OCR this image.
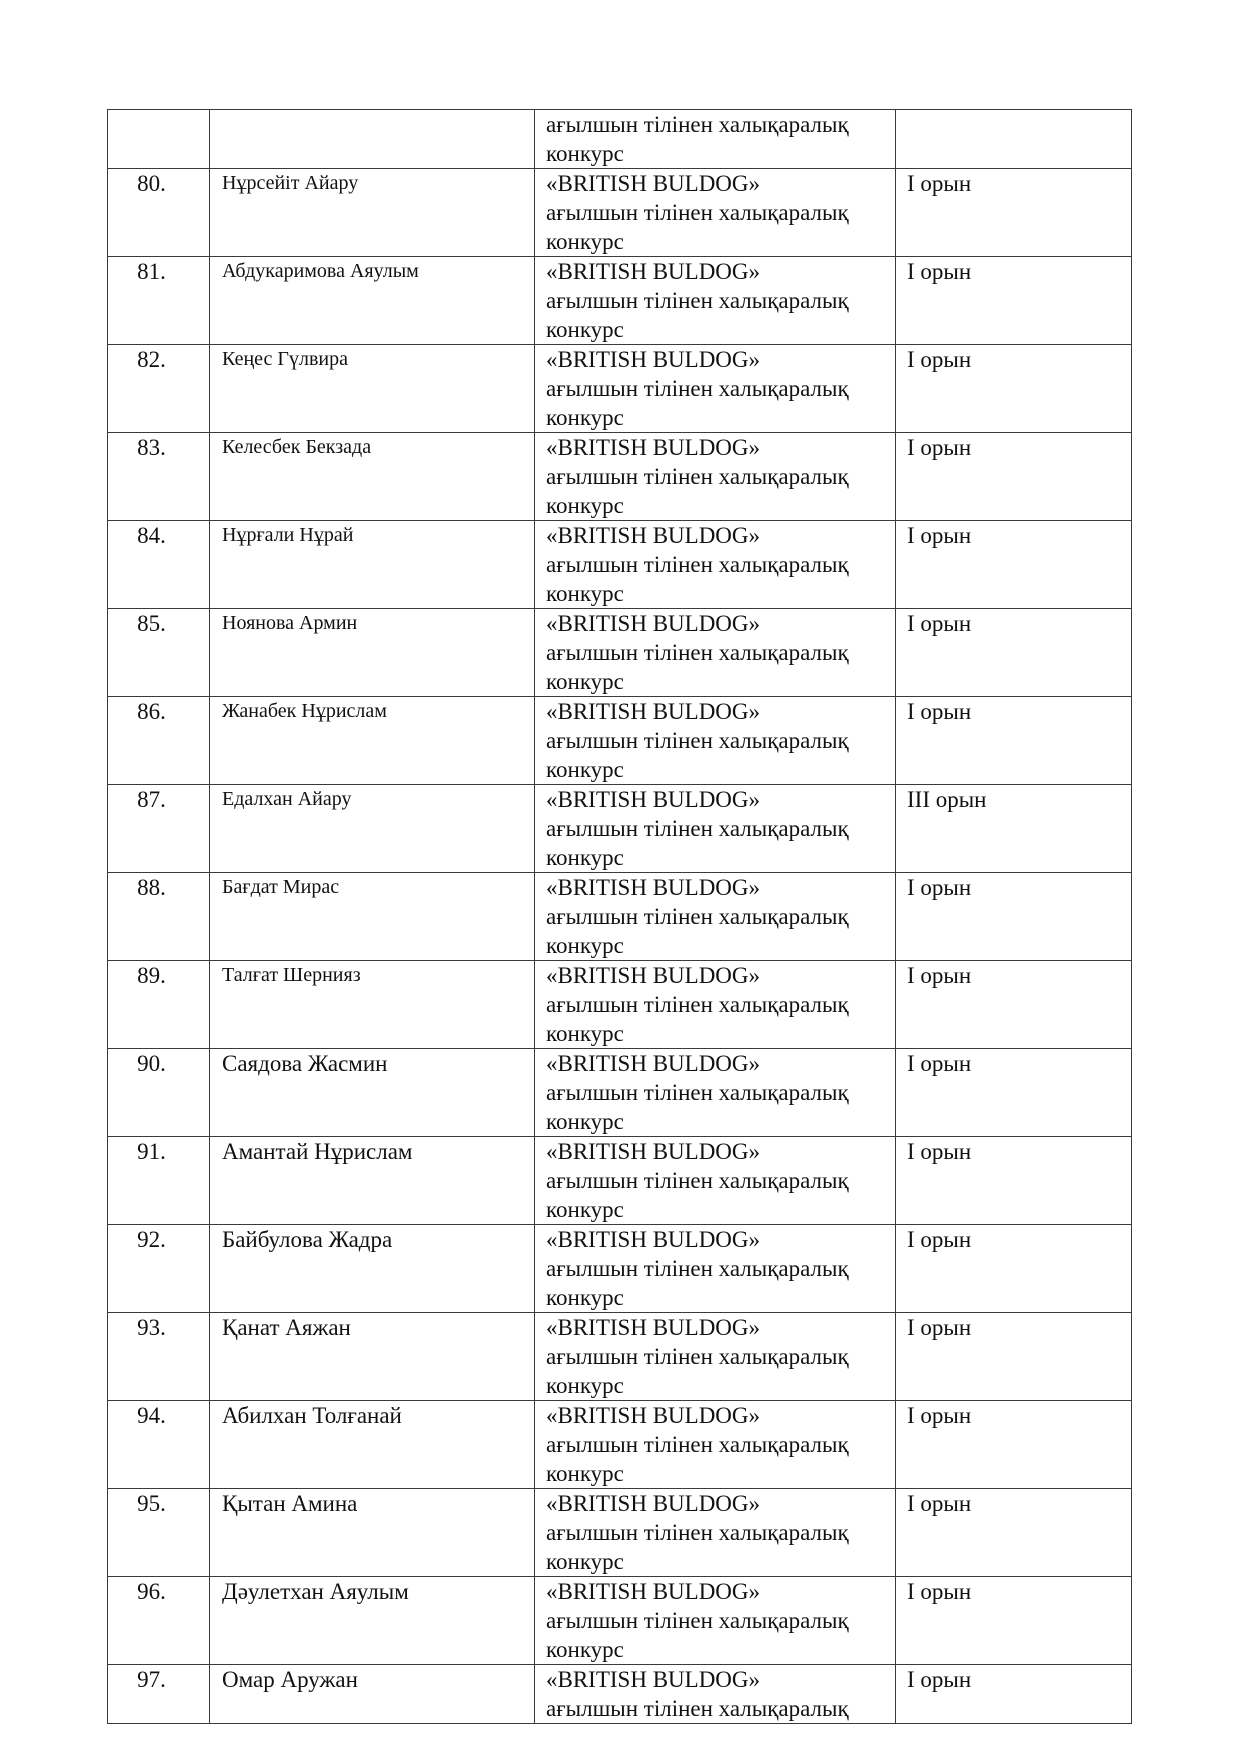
		ағылшын тілінен халықаралық
конкурс	

80.	Нұрсейіт Айару	«BRITISH BULDOG»
ағылшын тілінен халықаралық
конкурс	I орын

81.	Абдукаримова Аяулым	«BRITISH BULDOG»
ағылшын тілінен халықаралық
конкурс	I орын

82.	Кеңес Гүлвира	«BRITISH BULDOG»
ағылшын тілінен халықаралық
конкурс	I орын

83.	Келесбек Бекзада	«BRITISH BULDOG»
ағылшын тілінен халықаралық
конкурс	I орын

84.	Нұрғали Нұрай	«BRITISH BULDOG»
ағылшын тілінен халықаралық
конкурс	I орын

85.	Ноянова Армин	«BRITISH BULDOG»
ағылшын тілінен халықаралық
конкурс	I орын

86.	Жанабек Нұрислам	«BRITISH BULDOG»
ағылшын тілінен халықаралық
конкурс	I орын

87.	Едалхан Айару	«BRITISH BULDOG»
ағылшын тілінен халықаралық
конкурс	III орын

88.	Бағдат Мирас	«BRITISH BULDOG»
ағылшын тілінен халықаралық
конкурс	I орын

89.	Талғат Шернияз	«BRITISH BULDOG»
ағылшын тілінен халықаралық
конкурс	I орын

90.	Саядова Жасмин	«BRITISH BULDOG»
ағылшын тілінен халықаралық
конкурс	I орын

91.	Амантай Нұрислам	«BRITISH BULDOG»
ағылшын тілінен халықаралық
конкурс	I орын

92.	Байбулова Жадра	«BRITISH BULDOG»
ағылшын тілінен халықаралық
конкурс	I орын

93.	Қанат Аяжан	«BRITISH BULDOG»
ағылшын тілінен халықаралық
конкурс	I орын

94.	Абилхан Толғанай	«BRITISH BULDOG»
ағылшын тілінен халықаралық
конкурс	I орын

95.	Қытан Амина	«BRITISH BULDOG»
ағылшын тілінен халықаралық
конкурс	I орын

96.	Дәулетхан Аяулым	«BRITISH BULDOG»
ағылшын тілінен халықаралық
конкурс	I орын

97.	Омар Аружан	«BRITISH BULDOG»
ағылшын тілінен халықаралық	I орын
